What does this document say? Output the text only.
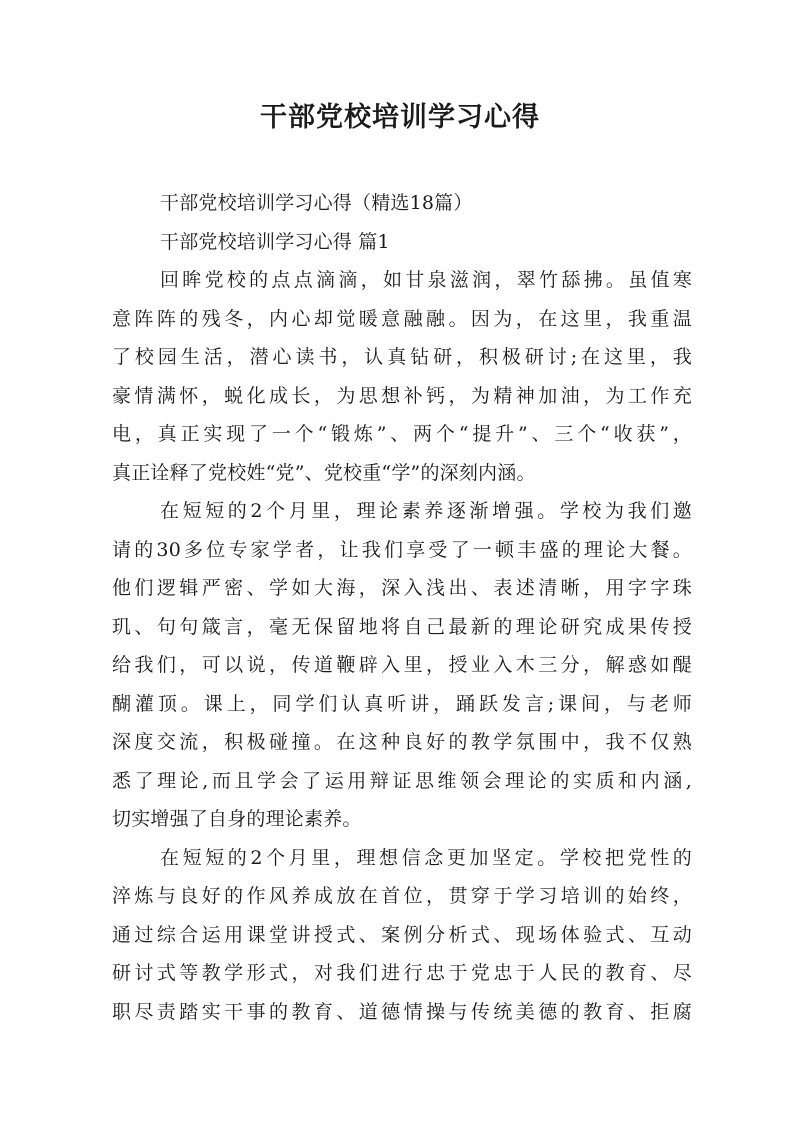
干部党校培训学习心得
干部党校培训学习心得（精选18篇）
干部党校培训学习心得 篇1
回眸党校的点点滴滴，如甘泉滋润，翠竹舔拂。虽值寒
意阵阵的残冬，内心却觉暖意融融。因为，在这里，我重温
了校园生活，潜心读书，认真钻研，积极研讨;在这里，我
豪情满怀，蜕化成长，为思想补钙，为精神加油，为工作充
电，真正实现了一个“锻炼”、两个“提升”、三个“收获”，
真正诠释了党校姓“党”、党校重“学”的深刻内涵。
在短短的2个月里，理论素养逐渐增强。学校为我们邀
请的30多位专家学者，让我们享受了一顿丰盛的理论大餐。
他们逻辑严密、学如大海，深入浅出、表述清晰，用字字珠
玑、句句箴言，毫无保留地将自己最新的理论研究成果传授
给我们，可以说，传道鞭辟入里，授业入木三分，解惑如醍
醐灌顶。课上，同学们认真听讲，踊跃发言;课间，与老师
深度交流，积极碰撞。在这种良好的教学氛围中，我不仅熟
悉了理论,而且学会了运用辩证思维领会理论的实质和内涵,
切实增强了自身的理论素养。
在短短的2个月里，理想信念更加坚定。学校把党性的
淬炼与良好的作风养成放在首位，贯穿于学习培训的始终，
通过综合运用课堂讲授式、案例分析式、现场体验式、互动
研讨式等教学形式，对我们进行忠于党忠于人民的教育、尽
职尽责踏实干事的教育、道德情操与传统美德的教育、拒腐
